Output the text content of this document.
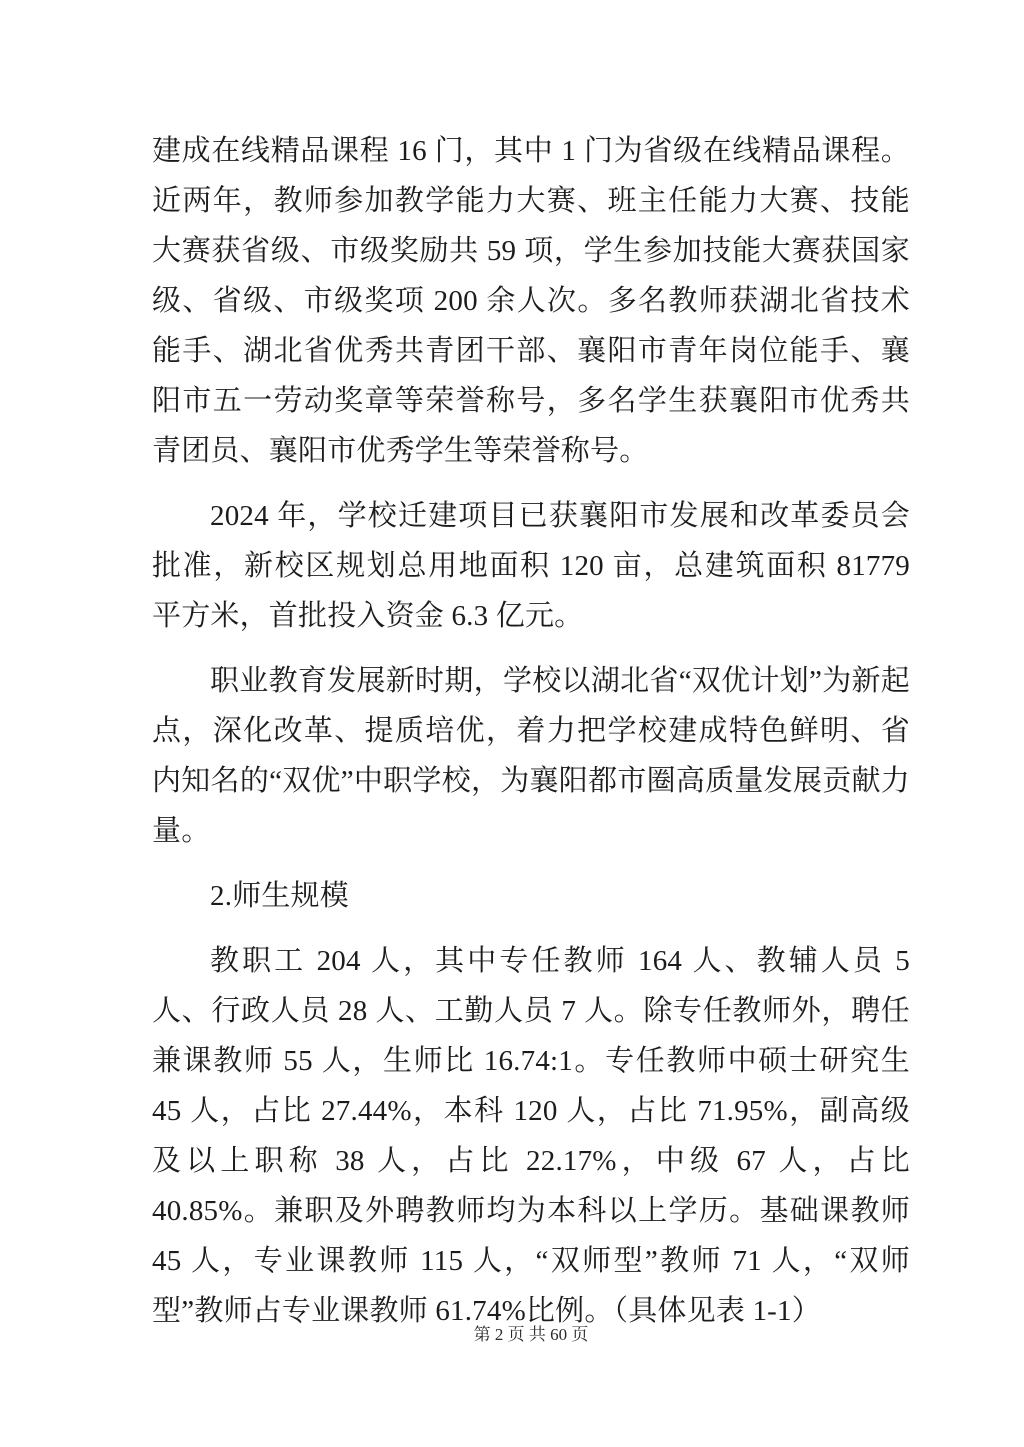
建成在线精品课程 16 门，其中 1 门为省级在线精品课程。近两年，教师参加教学能力大赛、班主任能力大赛、技能大赛获省级、市级奖励共 59 项，学生参加技能大赛获国家级、省级、市级奖项 200 余人次。多名教师获湖北省技术能手、湖北省优秀共青团干部、襄阳市青年岗位能手、襄阳市五一劳动奖章等荣誉称号，多名学生获襄阳市优秀共青团员、襄阳市优秀学生等荣誉称号。

2024 年，学校迁建项目已获襄阳市发展和改革委员会批准，新校区规划总用地面积 120 亩，总建筑面积 81779 平方米，首批投入资金 6.3 亿元。

职业教育发展新时期，学校以湖北省“双优计划”为新起点，深化改革、提质培优，着力把学校建成特色鲜明、省内知名的“双优”中职学校，为襄阳都市圈高质量发展贡献力量。

2.师生规模

教职工 204 人，其中专任教师 164 人、教辅人员 5 人、行政人员 28 人、工勤人员 7 人。除专任教师外，聘任兼课教师 55 人，生师比 16.74:1。专任教师中硕士研究生 45 人，占比 27.44%，本科 120 人，占比 71.95%，副高级及以上职称 38 人，占比 22.17%，中级 67 人，占比 40.85%。兼职及外聘教师均为本科以上学历。基础课教师 45 人，专业课教师 115 人，“双师型”教师 71 人，“双师型”教师占专业课教师 61.74%比例。（具体见表 1-1）

第 2 页 共 60 页
